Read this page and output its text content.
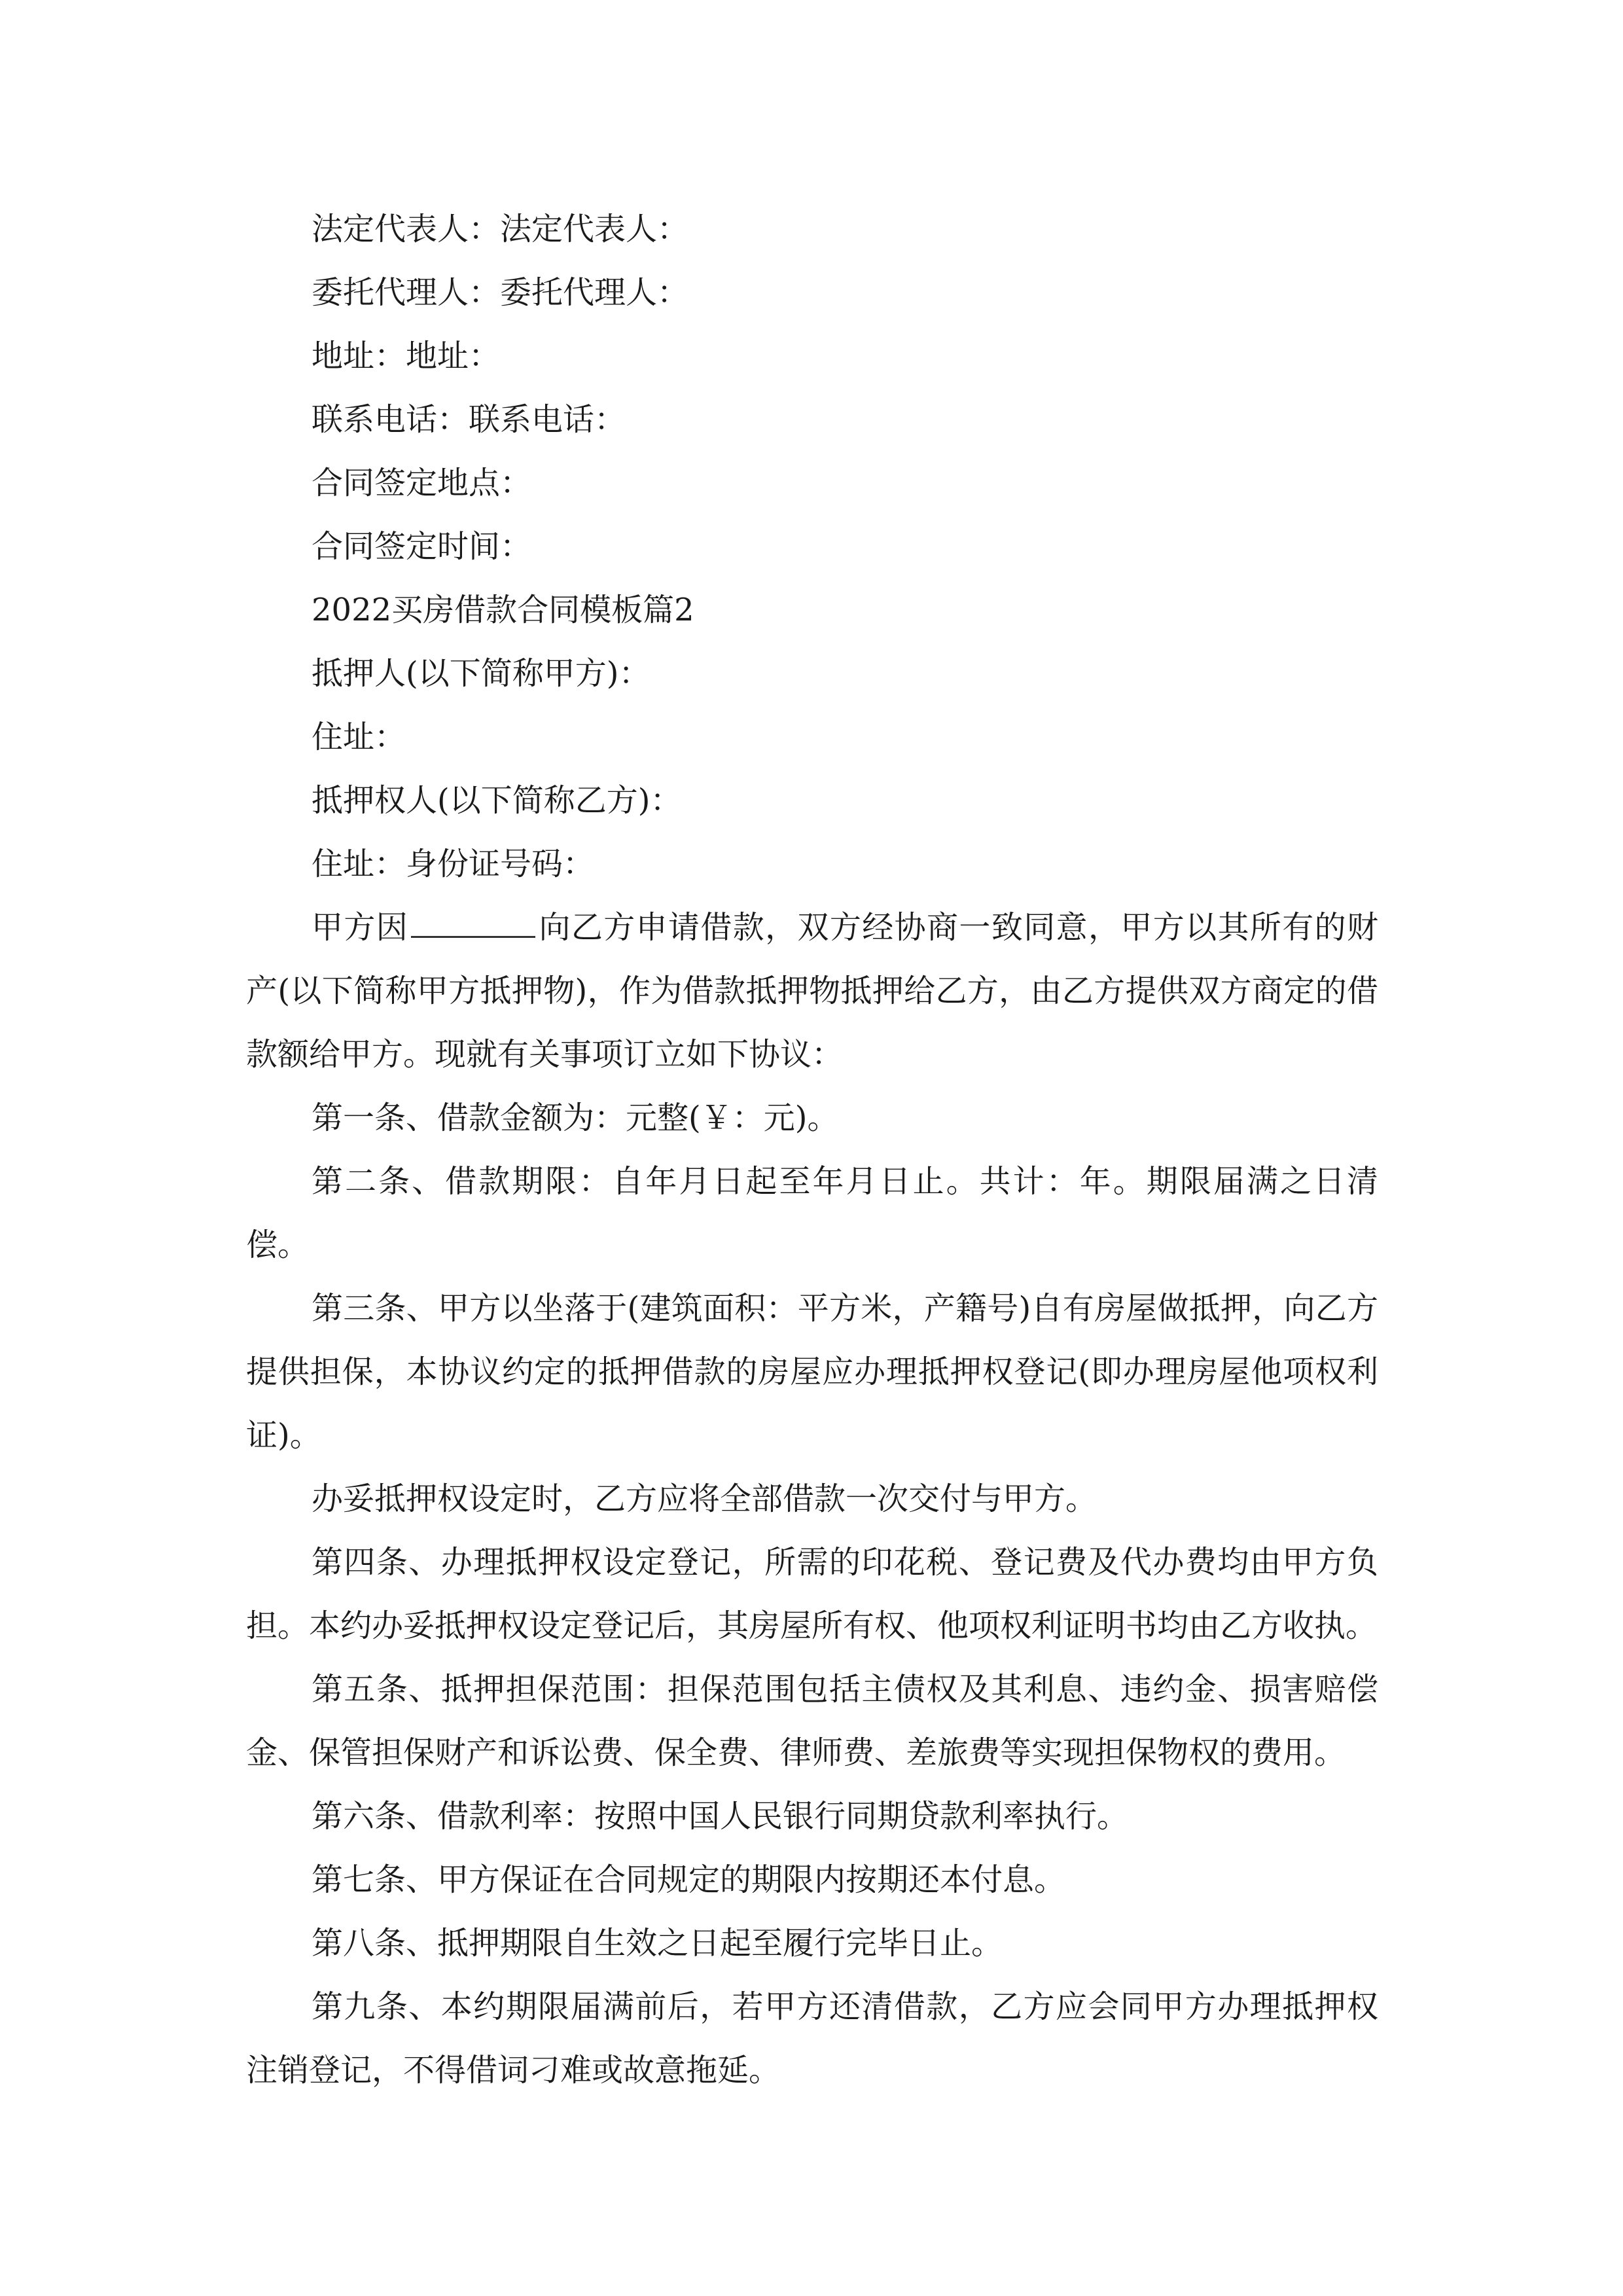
法定代表人：法定代表人：

委托代理人：委托代理人：

地址：地址：

联系电话：联系电话：

合同签定地点：

合同签定时间：

2022买房借款合同模板篇2

抵押人(以下简称甲方)：

住址：

抵押权人(以下简称乙方)：

住址：身份证号码：

甲方因	向乙方申请借款，双方经协商一致同意，甲方以其所有的财产(以下简称甲方抵押物)，作为借款抵押物抵押给乙方，由乙方提供双方商定的借款额给甲方。现就有关事项订立如下协议：

第一条、借款金额为：元整(￥：元)。

第二条、借款期限：自年月日起至年月日止。共计：年。期限届满之日清偿。

第三条、甲方以坐落于(建筑面积：平方米，产籍号)自有房屋做抵押，向乙方提供担保，本协议约定的抵押借款的房屋应办理抵押权登记(即办理房屋他项权利证)。

办妥抵押权设定时，乙方应将全部借款一次交付与甲方。

第四条、办理抵押权设定登记，所需的印花税、登记费及代办费均由甲方负担。本约办妥抵押权设定登记后，其房屋所有权、他项权利证明书均由乙方收执。

第五条、抵押担保范围：担保范围包括主债权及其利息、违约金、损害赔偿金、保管担保财产和诉讼费、保全费、律师费、差旅费等实现担保物权的费用。

第六条、借款利率：按照中国人民银行同期贷款利率执行。

第七条、甲方保证在合同规定的期限内按期还本付息。

第八条、抵押期限自生效之日起至履行完毕日止。

第九条、本约期限届满前后，若甲方还清借款，乙方应会同甲方办理抵押权注销登记，不得借词刁难或故意拖延。
